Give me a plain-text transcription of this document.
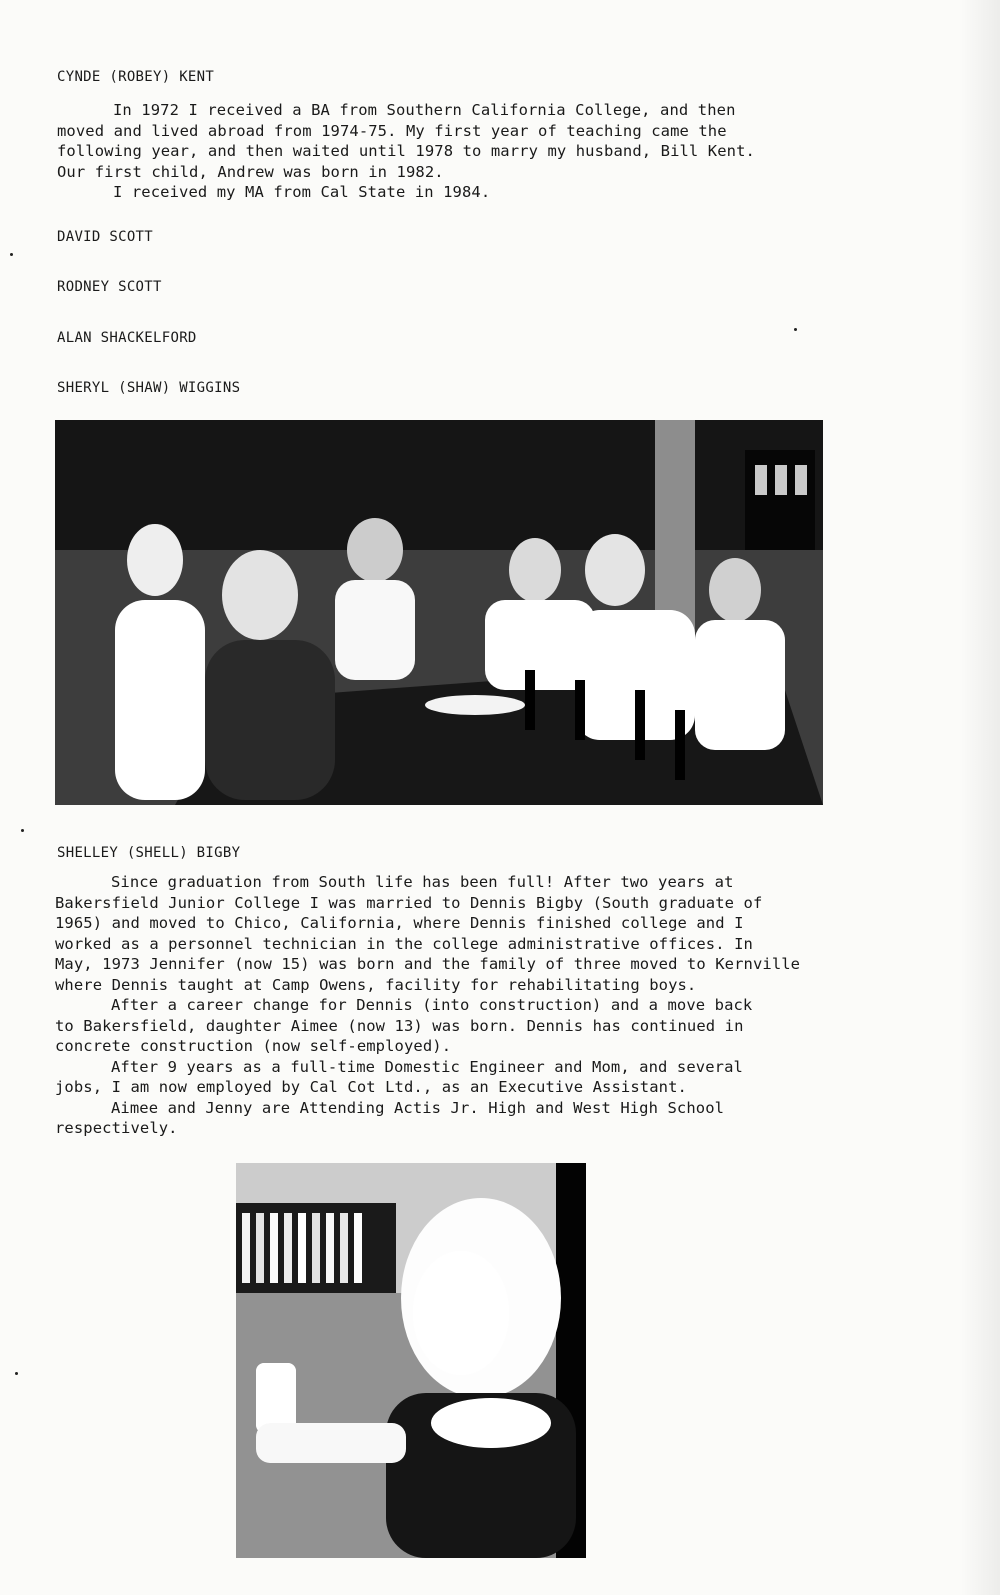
CYNDE (ROBEY) KENT

In 1972 I received a BA from Southern California College, and then

moved and lived abroad from 1974-75. My first year of teaching came the

following year, and then waited until 1978 to marry my husband, Bill Kent.

Our first child, Andrew was born in 1982.

I received my MA from Cal State in 1984.

DAVID SCOTT
RODNEY SCOTT
ALAN SHACKELFORD
SHERYL (SHAW) WIGGINS
SHELLEY (SHELL) BIGBY

Since graduation from South life has been full! After two years at

Bakersfield Junior College I was married to Dennis Bigby (South graduate of

1965) and moved to Chico, California, where Dennis finished college and I

worked as a personnel technician in the college administrative offices. In

May, 1973 Jennifer (now 15) was born and the family of three moved to Kernville

where Dennis taught at Camp Owens, facility for rehabilitating boys.

After a career change for Dennis (into construction) and a move back

to Bakersfield, daughter Aimee (now 13) was born. Dennis has continued in

concrete construction (now self-employed).

After 9 years as a full-time Domestic Engineer and Mom, and several

jobs, I am now employed by Cal Cot Ltd., as an Executive Assistant.

Aimee and Jenny are Attending Actis Jr. High and West High School

respectively.
